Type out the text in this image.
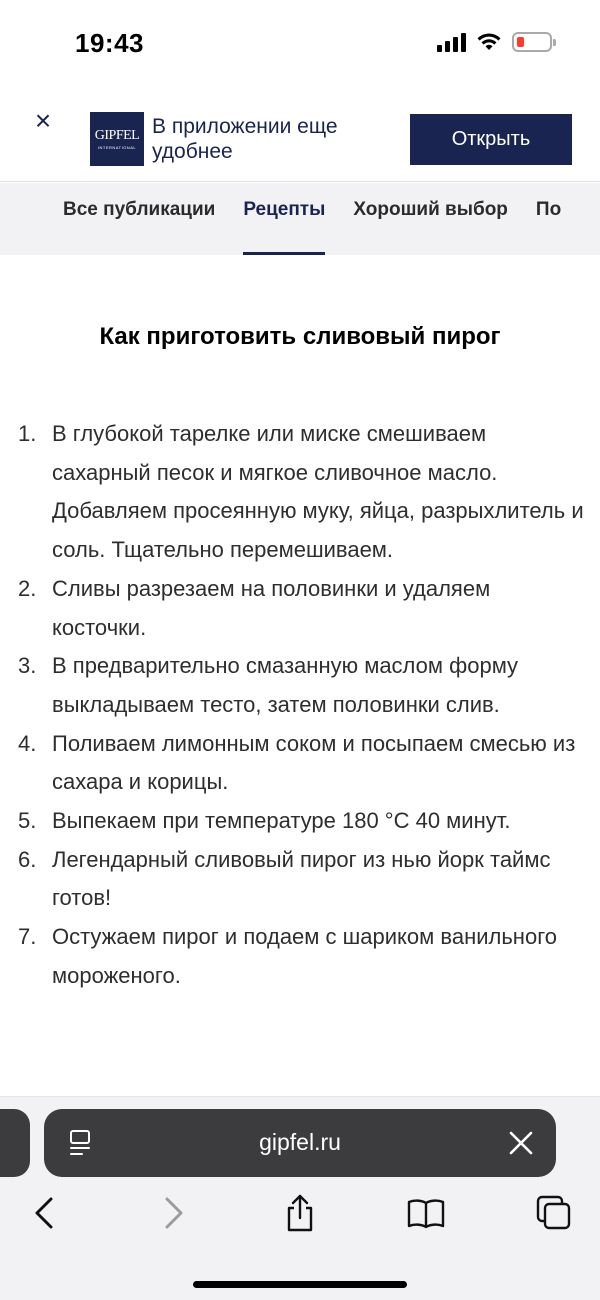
19:43
×	GIPFEL
INTERNATIONAL
В приложении еще удобнее
Открыть
Все публикации Рецепты Хороший выбор По
Как приготовить сливовый пирог
1. В глубокой тарелке или миске смешиваем сахарный песок и мягкое сливочное масло. Добавляем просеянную муку, яйца, разрыхлитель и соль. Тщательно перемешиваем.
2. Сливы разрезаем на половинки и удаляем косточки.
3. В предварительно смазанную маслом форму выкладываем тесто, затем половинки слив.
4. Поливаем лимонным соком и посыпаем смесью из сахара и корицы.
5. Выпекаем при температуре 180 °C 40 минут.
6. Легендарный сливовый пирог из нью йорк таймс готов!
7. Остужаем пирог и подаем с шариком ванильного мороженого.
gipfel.ru
